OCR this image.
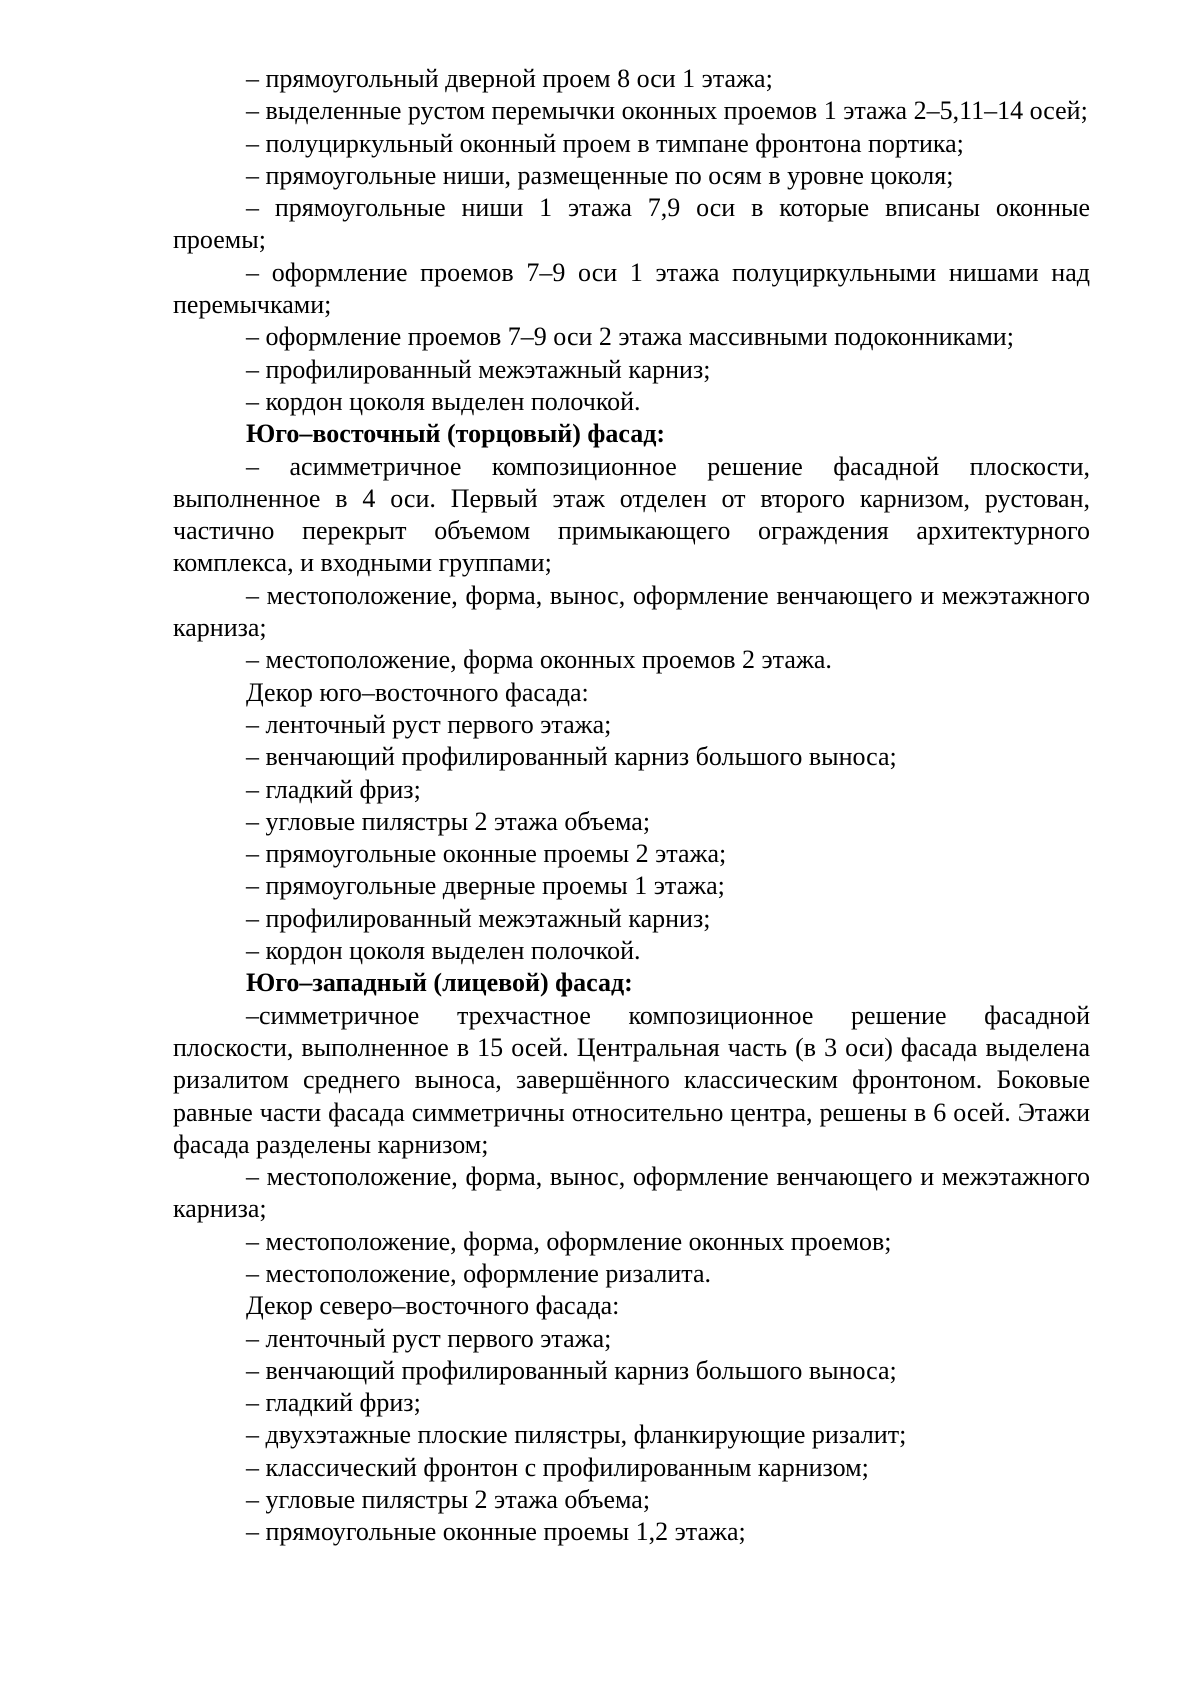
– прямоугольный дверной проем 8 оси 1 этажа;

– выделенные рустом перемычки оконных проемов 1 этажа 2–5,11–14 осей;

– полуциркульный оконный проем в тимпане фронтона портика;

– прямоугольные ниши, размещенные по осям в уровне цоколя;

– прямоугольные ниши 1 этажа 7,9 оси в которые вписаны оконные проемы;

– оформление проемов 7–9 оси 1 этажа полуциркульными нишами над перемычками;

– оформление проемов 7–9 оси 2 этажа массивными подоконниками;

– профилированный межэтажный карниз;

– кордон цоколя выделен полочкой.

Юго–восточный (торцовый) фасад:

– асимметричное композиционное решение фасадной плоскости, выполненное в 4 оси. Первый этаж отделен от второго карнизом, рустован, частично перекрыт объемом примыкающего ограждения архитектурного комплекса, и входными группами;

– местоположение, форма, вынос, оформление венчающего и межэтажного карниза;

– местоположение, форма оконных проемов 2 этажа.

Декор юго–восточного фасада:

– ленточный руст первого этажа;

– венчающий профилированный карниз большого выноса;

– гладкий фриз;

– угловые пилястры 2 этажа объема;

– прямоугольные оконные проемы 2 этажа;

– прямоугольные дверные проемы 1 этажа;

– профилированный межэтажный карниз;

– кордон цоколя выделен полочкой.

Юго–западный (лицевой) фасад:

–симметричное трехчастное композиционное решение фасадной плоскости, выполненное в 15 осей. Центральная часть (в 3 оси) фасада выделена ризалитом среднего выноса, завершённого классическим фронтоном. Боковые равные части фасада симметричны относительно центра, решены в 6 осей. Этажи фасада разделены карнизом;

– местоположение, форма, вынос, оформление венчающего и межэтажного карниза;

– местоположение, форма, оформление оконных проемов;

– местоположение, оформление ризалита.

Декор северо–восточного фасада:

– ленточный руст первого этажа;

– венчающий профилированный карниз большого выноса;

– гладкий фриз;

– двухэтажные плоские пилястры, фланкирующие ризалит;

– классический фронтон с профилированным карнизом;

– угловые пилястры 2 этажа объема;

– прямоугольные оконные проемы 1,2 этажа;
